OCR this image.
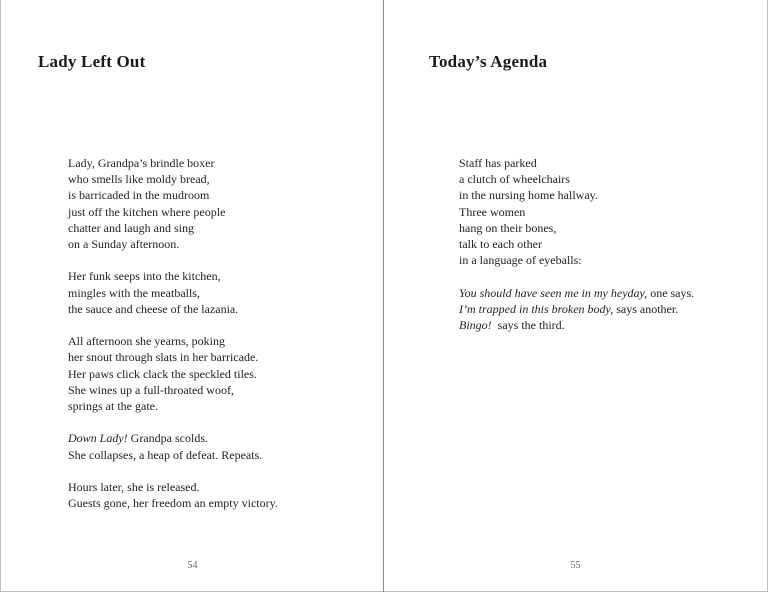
Lady Left Out
Lady, Grandpa’s brindle boxer
who smells like moldy bread,
is barricaded in the mudroom
just off the kitchen where people
chatter and laugh and sing
on a Sunday afternoon.
Her funk seeps into the kitchen,
mingles with the meatballs,
the sauce and cheese of the lazania.
All afternoon she yearns, poking
her snout through slats in her barricade.
Her paws click clack the speckled tiles.
She wines up a full-throated woof,
springs at the gate.
Down Lady! Grandpa scolds.
She collapses, a heap of defeat. Repeats.
Hours later, she is released.
Guests gone, her freedom an empty victory.
54
Today’s Agenda
Staff has parked
a clutch of wheelchairs
in the nursing home hallway.
Three women
hang on their bones,
talk to each other
in a language of eyeballs:
You should have seen me in my heyday, one says.
I’m trapped in this broken body, says another.
Bingo!  says the third.
55
